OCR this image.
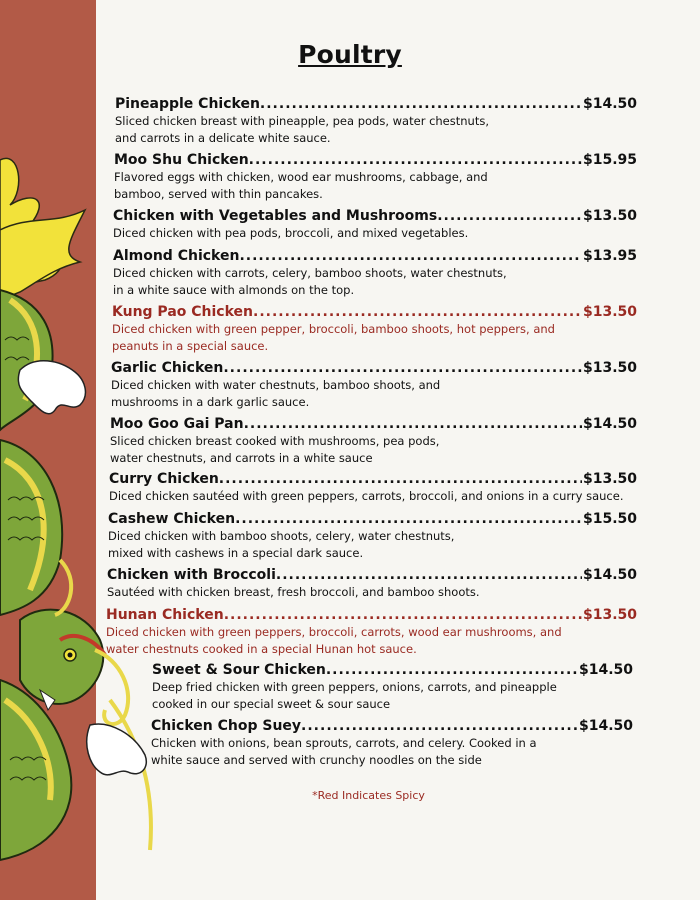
Poultry
Pineapple Chicken .....	$14.50
Sliced chicken breast with pineapple, pea pods, water chestnuts,
and carrots in a delicate white sauce.
Moo Shu Chicken .....	$15.95
Flavored eggs with chicken, wood ear mushrooms, cabbage, and
bamboo, served with thin pancakes.
Chicken with Vegetables and Mushrooms .....	$13.50
Diced chicken with pea pods, broccoli, and mixed vegetables.
Almond Chicken .....	$13.95
Diced chicken with carrots, celery, bamboo shoots, water chestnuts,
in a white sauce with almonds on the top.
Kung Pao Chicken .....	$13.50
Diced chicken with green pepper, broccoli, bamboo shoots, hot peppers, and
peanuts in a special sauce.
Garlic Chicken .....	$13.50
Diced chicken with water chestnuts, bamboo shoots, and
mushrooms in a dark garlic sauce.
Moo Goo Gai Pan .....	$14.50
Sliced chicken breast cooked with mushrooms, pea pods,
water chestnuts, and carrots in a white sauce
Curry Chicken .....	$13.50
Diced chicken sautéed with green peppers, carrots, broccoli, and onions in a curry sauce.
Cashew Chicken .....	$15.50
Diced chicken with bamboo shoots, celery, water chestnuts,
mixed with cashews in a special dark sauce.
Chicken with Broccoli .....	$14.50
Sautéed with chicken breast, fresh broccoli, and bamboo shoots.
Hunan Chicken .....	$13.50
Diced chicken with green peppers, broccoli, carrots, wood ear mushrooms, and
water chestnuts cooked in a special Hunan hot sauce.
Sweet & Sour Chicken .....	$14.50
Deep fried chicken with green peppers, onions, carrots, and pineapple
cooked in our special sweet & sour sauce
Chicken Chop Suey .....	$14.50
Chicken with onions, bean sprouts, carrots, and celery. Cooked in a
white sauce and served with crunchy noodles on the side
*Red Indicates Spicy
